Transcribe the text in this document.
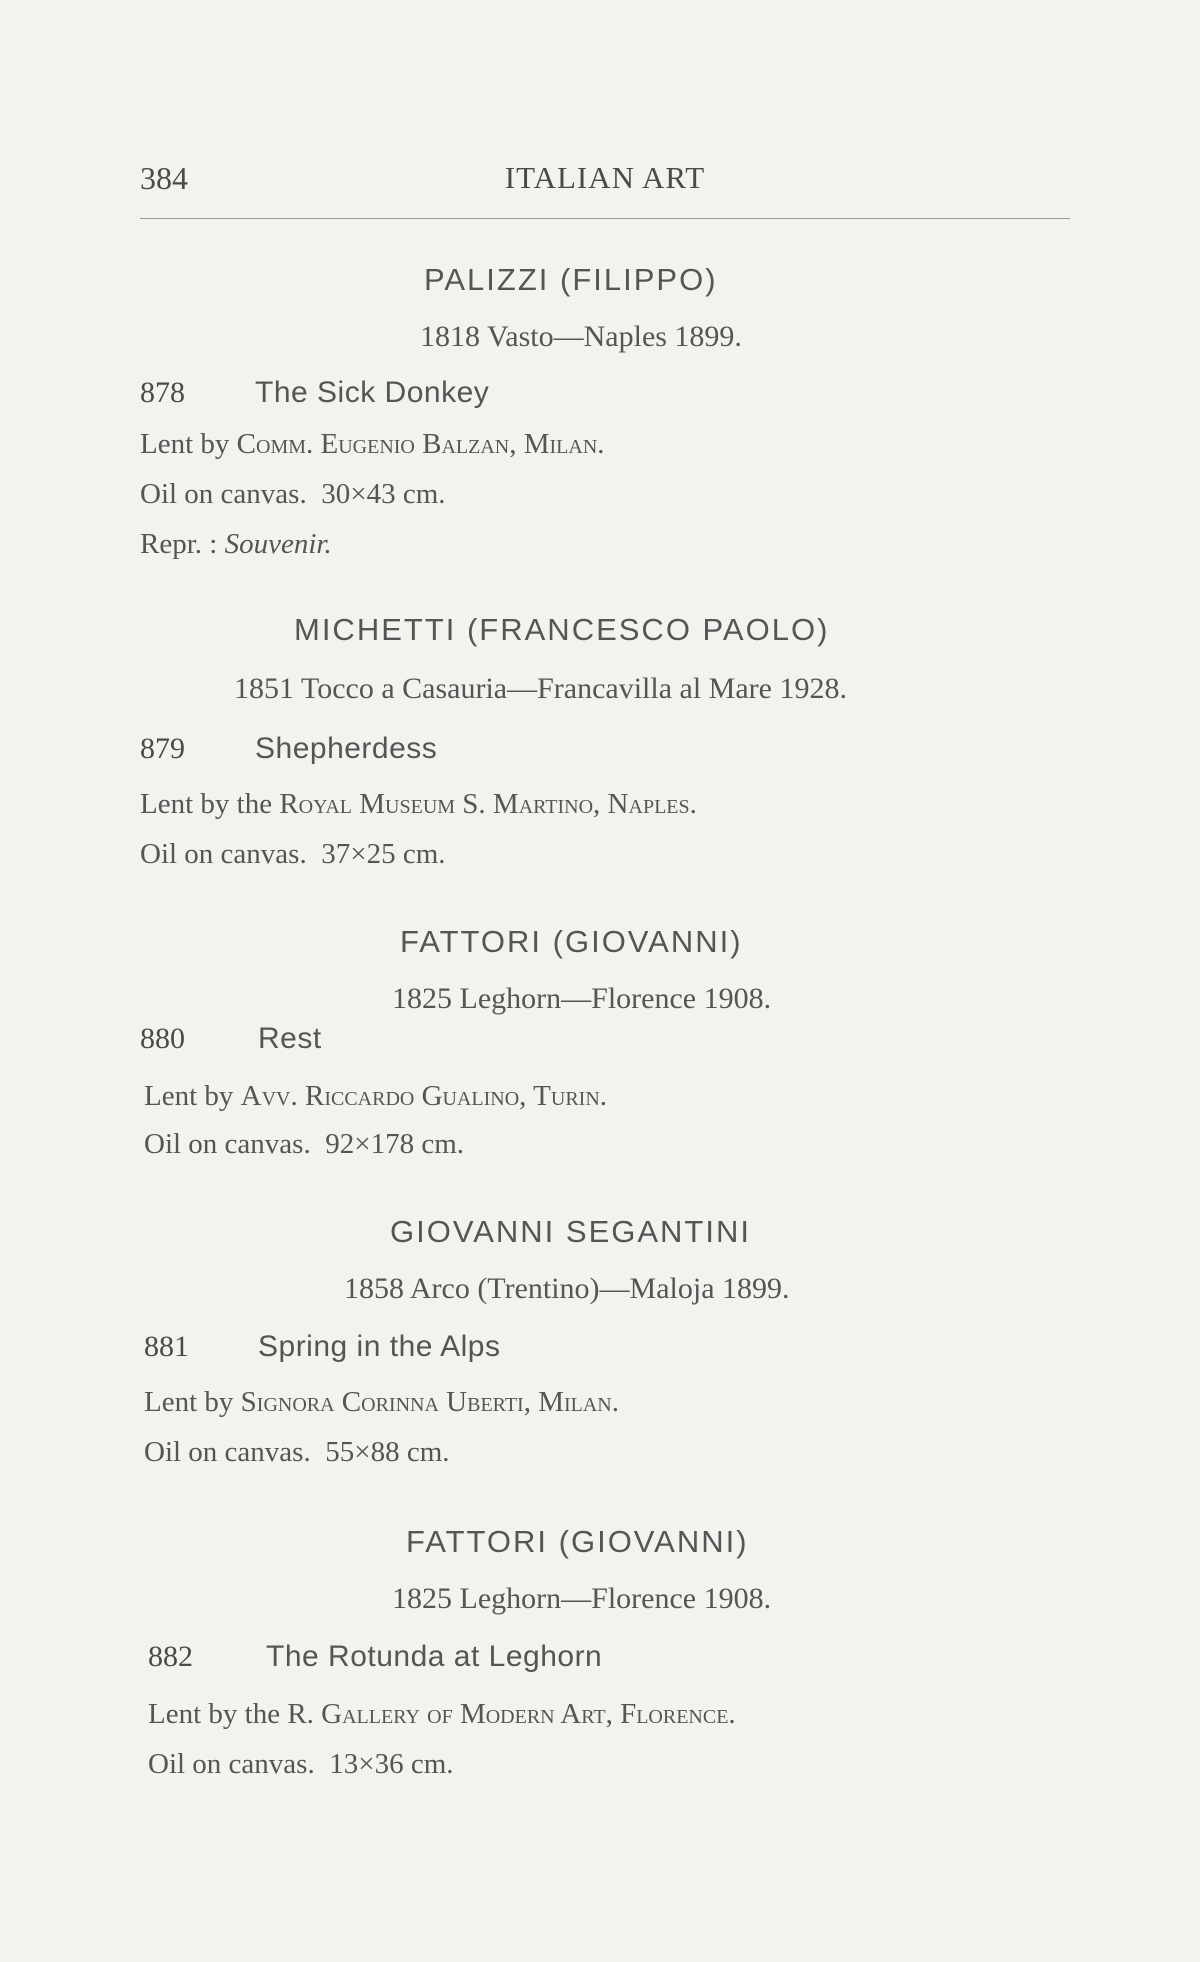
384	ITALIAN ART
PALIZZI (FILIPPO)
1818 Vasto—Naples 1899.
878 The Sick Donkey
Lent by Comm. Eugenio Balzan, Milan.
Oil on canvas. 30×43 cm.
Repr. : Souvenir.
MICHETTI (FRANCESCO PAOLO)
1851 Tocco a Casauria—Francavilla al Mare 1928.
879 Shepherdess
Lent by the Royal Museum S. Martino, Naples.
Oil on canvas. 37×25 cm.
FATTORI (GIOVANNI)
1825 Leghorn—Florence 1908.
880 Rest
Lent by Avv. Riccardo Gualino, Turin.
Oil on canvas. 92×178 cm.
GIOVANNI SEGANTINI
1858 Arco (Trentino)—Maloja 1899.
881 Spring in the Alps
Lent by Signora Corinna Uberti, Milan.
Oil on canvas. 55×88 cm.
FATTORI (GIOVANNI)
1825 Leghorn—Florence 1908.
882 The Rotunda at Leghorn
Lent by the R. Gallery of Modern Art, Florence.
Oil on canvas. 13×36 cm.
